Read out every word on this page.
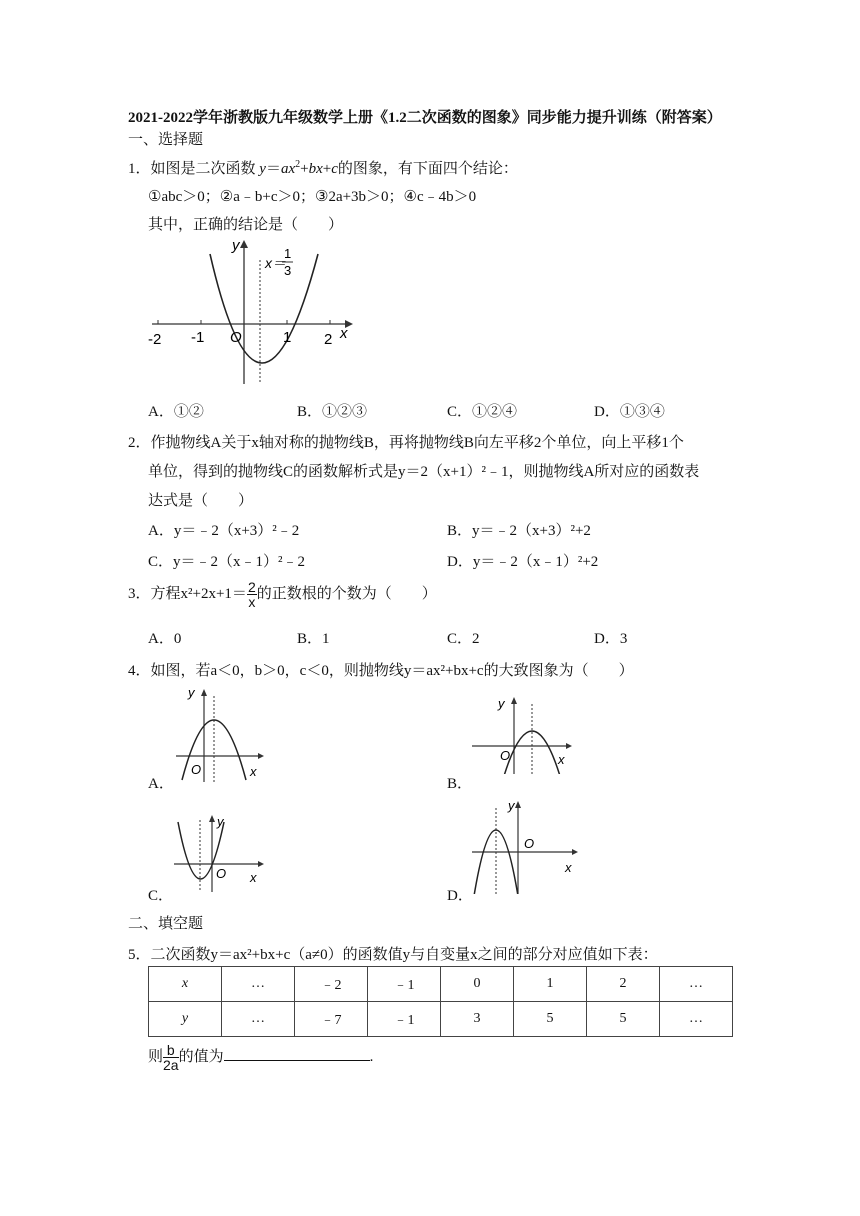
2021-2022学年浙教版九年级数学上册《1.2二次函数的图象》同步能力提升训练（附答案）
一、选择题
1．如图是二次函数 $y=ax^2+bx+c$的图象，有下面四个结论：
①abc＞0；②a﹣b+c＞0；③2a+3b＞0；④c﹣4b＞0
其中，正确的结论是（　　）
-2 -1	1 2
O	x
y
x＝
1
3
A．①②	B．①②③	C．①②④	D．①③④
2．作抛物线A关于x轴对称的抛物线B，再将抛物线B向左平移2个单位，向上平移1个
单位，得到的抛物线C的函数解析式是y＝2（x+1）²﹣1，则抛物线A所对应的函数表
达式是（　　）
A．y＝﹣2（x+3）²﹣2	B．y＝﹣2（x+3）²+2
C．y＝﹣2（x﹣1）²﹣2	D．y＝﹣2（x﹣1）²+2
3．方程$x^2+2x+1= \frac{2}{x}$ 的正数根的个数为（　　）
A．0	B．1	C．2	D．3
4．如图，若a＜0，b＞0，c＜0，则抛物线y＝ax²+bx+c的大致图象为（　　）
O	x
y
A．
O	x
y
B．
O x
y
C．
O
x
y
D．
二、填空题
5．二次函数y＝ax²+bx+c（a≠0）的函数值y与自变量x之间的部分对应值如下表：
x	…	﹣2	﹣1	0	1	2	…
y	…	﹣7	﹣1	3	5	5	…
则 $\frac{b}{2a}$ 的值为	.
